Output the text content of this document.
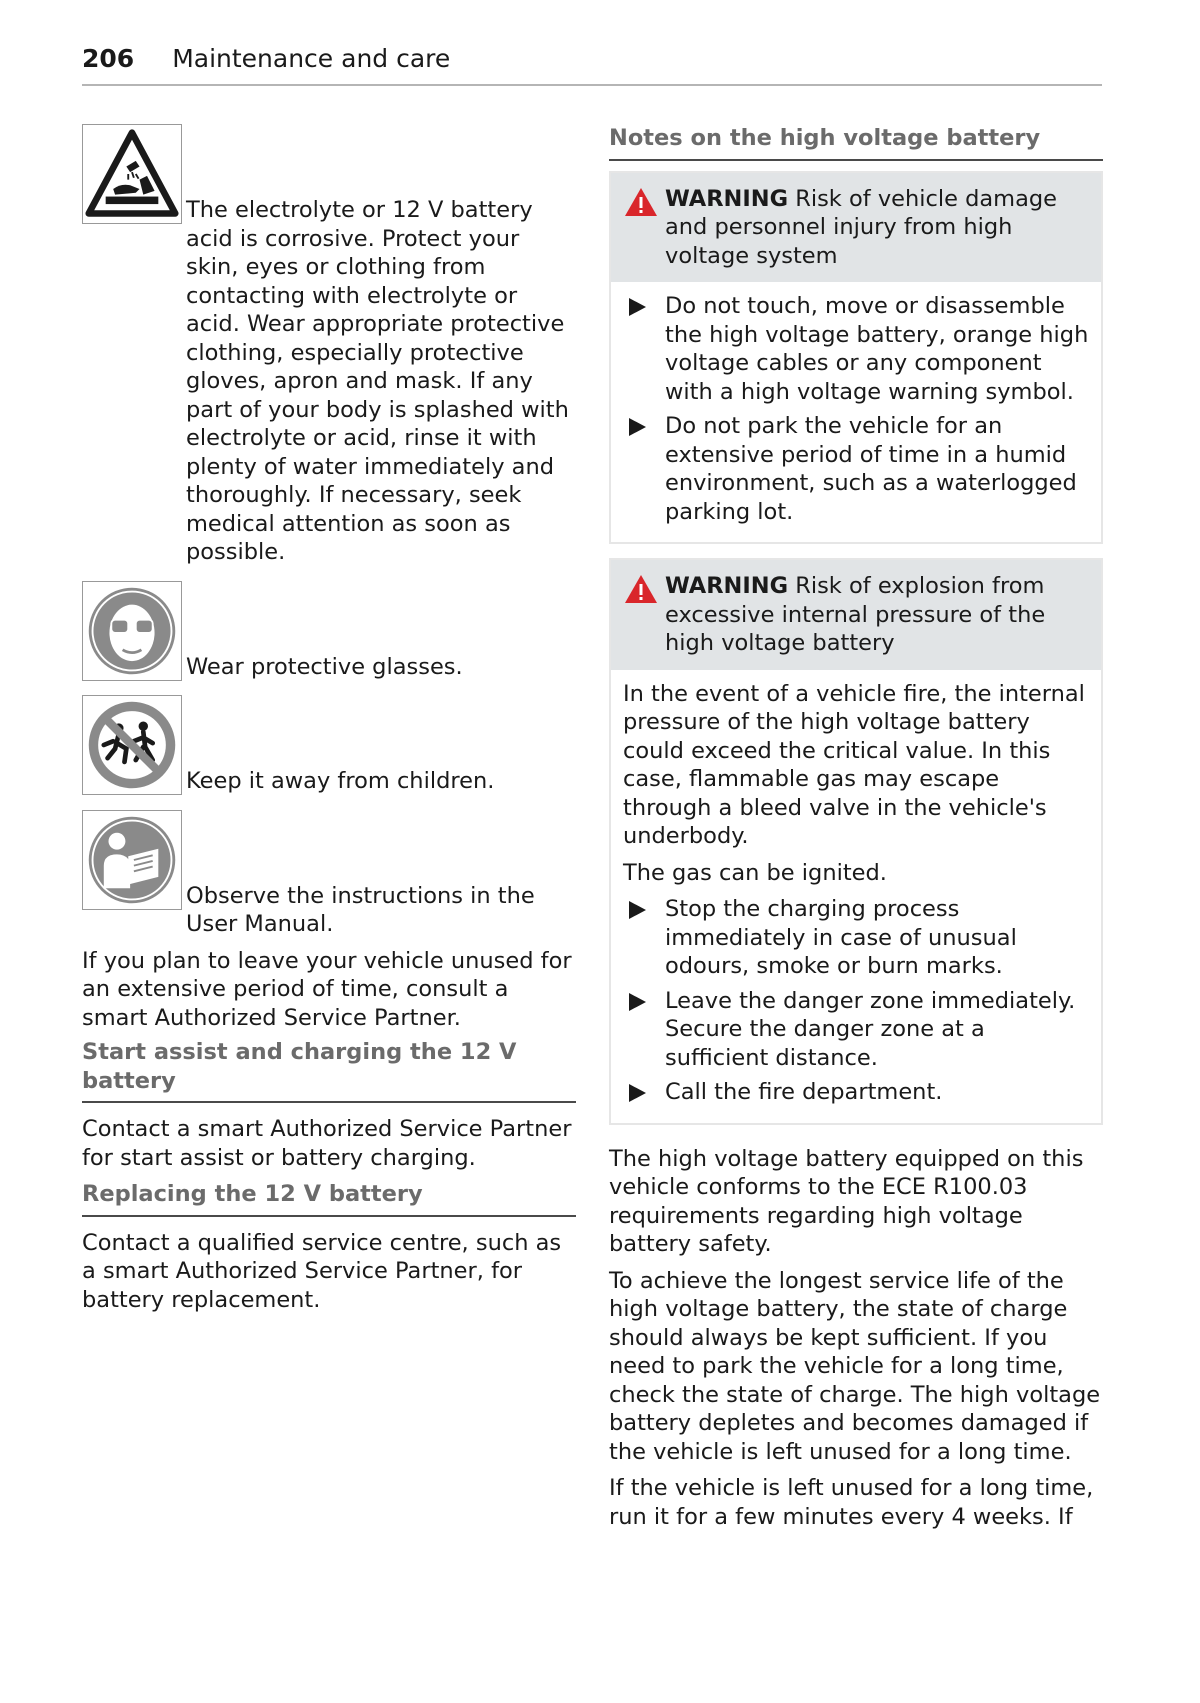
206 Maintenance and care

The electrolyte or 12 V battery acid is corrosive. Protect your skin, eyes or clothing from contacting with electrolyte or acid. Wear appropriate protective clothing, especially protective gloves, apron and mask. If any part of your body is splashed with electrolyte or acid, rinse it with plenty of water immediately and thoroughly. If necessary, seek medical attention as soon as possible.

Wear protective glasses.

Keep it away from children.

Observe the instructions in the User Manual.

If you plan to leave your vehicle unused for an extensive period of time, consult a smart Authorized Service Partner.

Start assist and charging the 12 V battery

Contact a smart Authorized Service Partner for start assist or battery charging.

Replacing the 12 V battery

Contact a qualified service centre, such as a smart Authorized Service Partner, for battery replacement.

Notes on the high voltage battery
WARNING Risk of vehicle damage and personnel injury from high voltage system
Do not touch, move or disassemble the high voltage battery, orange high voltage cables or any component with a high voltage warning symbol.
Do not park the vehicle for an extensive period of time in a humid environment, such as a waterlogged parking lot.
WARNING Risk of explosion from excessive internal pressure of the high voltage battery

In the event of a vehicle fire, the internal pressure of the high voltage battery could exceed the critical value. In this case, flammable gas may escape through a bleed valve in the vehicle's underbody.

The gas can be ignited.

Stop the charging process immediately in case of unusual odours, smoke or burn marks.
Leave the danger zone immediately. Secure the danger zone at a sufficient distance.
Call the fire department.

The high voltage battery equipped on this vehicle conforms to the ECE R100.03 requirements regarding high voltage battery safety.

To achieve the longest service life of the high voltage battery, the state of charge should always be kept sufficient. If you need to park the vehicle for a long time, check the state of charge. The high voltage battery depletes and becomes damaged if the vehicle is left unused for a long time.

If the vehicle is left unused for a long time, run it for a few minutes every 4 weeks. If
